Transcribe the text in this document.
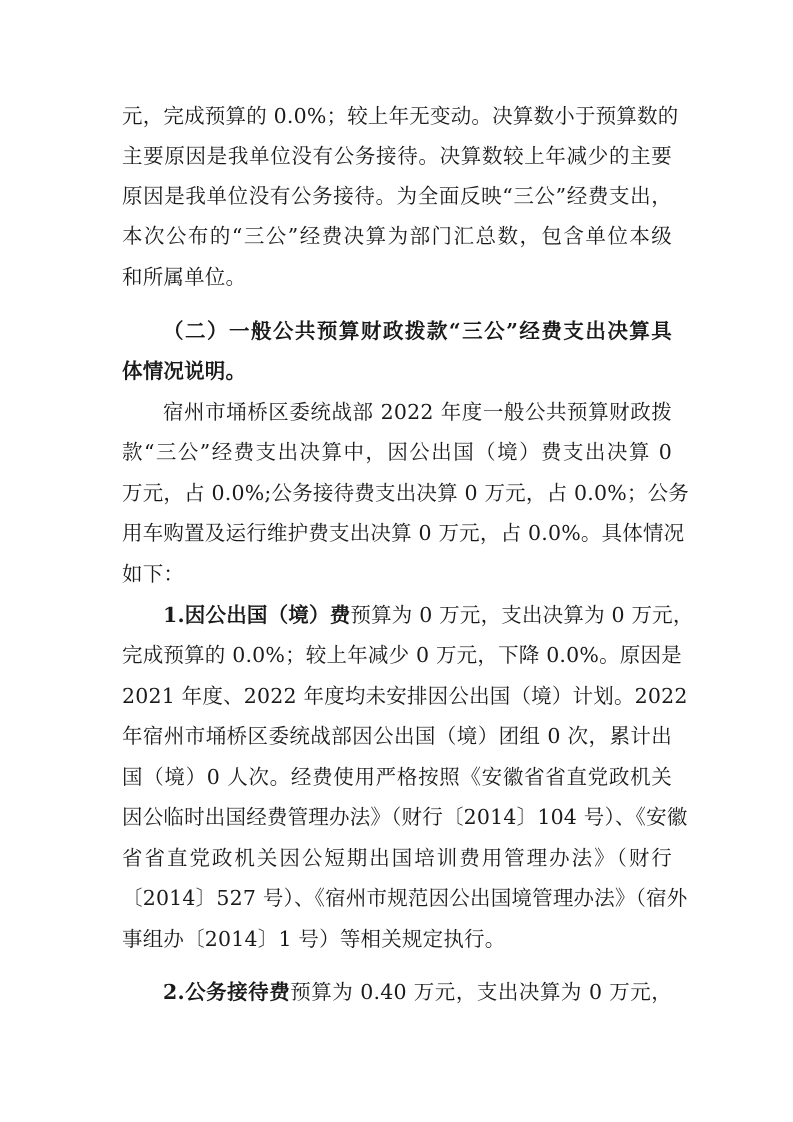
元，完成预算的 0.0%；较上年无变动。决算数小于预算数的
主要原因是我单位没有公务接待。决算数较上年减少的主要
原因是我单位没有公务接待。为全面反映“三公”经费支出，
本次公布的“三公”经费决算为部门汇总数，包含单位本级
和所属单位。
（二）一般公共预算财政拨款“三公”经费支出决算具
体情况说明。
宿州市埇桥区委统战部 2022 年度一般公共预算财政拨
款“三公”经费支出决算中，因公出国（境）费支出决算 0
万元，占 0.0%;公务接待费支出决算 0 万元，占 0.0%；公务
用车购置及运行维护费支出决算 0 万元，占 0.0%。具体情况
如下：
1.因公出国（境）费预算为 0 万元，支出决算为 0 万元，
完成预算的 0.0%；较上年减少 0 万元，下降 0.0%。原因是
2021 年度、2022 年度均未安排因公出国（境）计划。2022
年宿州市埇桥区委统战部因公出国（境）团组 0 次，累计出
国（境）0 人次。经费使用严格按照《安徽省省直党政机关
因公临时出国经费管理办法》（财行〔2014〕104 号）、《安徽
省省直党政机关因公短期出国培训费用管理办法》（财行
〔2014〕527 号）、《宿州市规范因公出国境管理办法》（宿外
事组办〔2014〕1 号）等相关规定执行。
2.公务接待费预算为 0.40 万元，支出决算为 0 万元，
